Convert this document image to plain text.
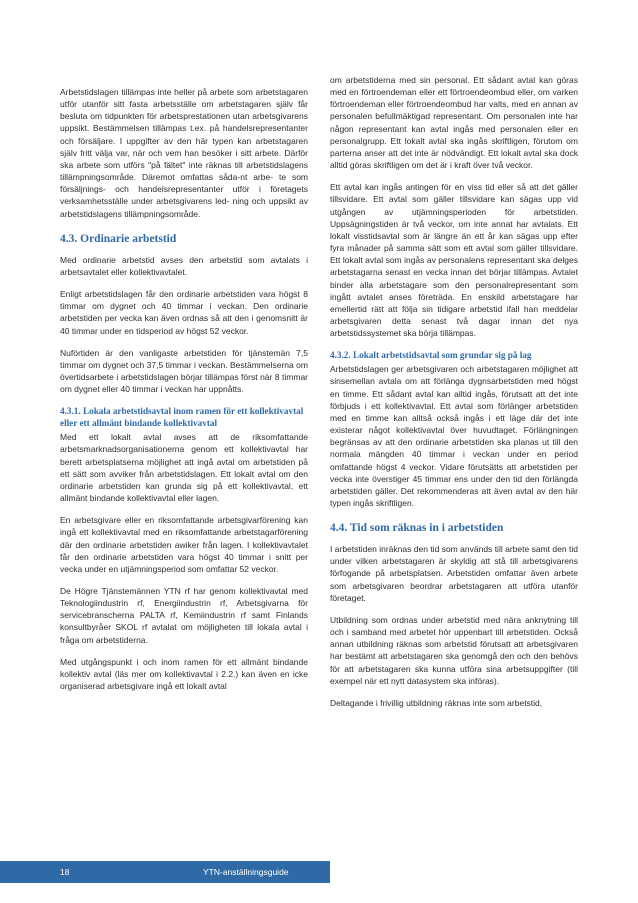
Arbetstidslagen tillämpas inte heller på arbete som arbetstagaren utför utanför sitt fasta arbetsställe om arbetstagaren själv får besluta om tidpunkten för arbetsprestationen utan arbetsgivarens uppsikt. Bestämmelsen tillämpas t.ex. på handelsrepresentanter och försäljare. I uppgifter av den här typen kan arbetstagaren själv fritt välja var, när och vem han besöker i sitt arbete. Därför ska arbete som utförs "på fältet" inte räknas till arbetstidslagens tillämpningsområde. Däremot omfattas såda-nt arbe- te som försäljnings- och handelsrepresentanter utför i företagets verksamhetsställe under arbetsgivarens led- ning och uppsikt av arbetstidslagens tillämpningsområde.

4.3. Ordinarie arbetstid

Med ordinarie arbetstid avses den arbetstid som avtalats i arbetsavtalet eller kollektivavtalet.

Enligt arbetstidslagen får den ordinarie arbetstiden vara högst 8 timmar om dygnet och 40 timmar i veckan. Den ordinarie arbetstiden per vecka kan även ordnas så att den i genomsnitt är 40 timmar under en tidsperiod av högst 52 veckor.

Nuförtiden är den vanligaste arbetstiden för tjänstemän 7,5 timmar om dygnet och 37,5 timmar i veckan. Bestämmelserna om övertidsarbete i arbetstidslagen börjar tillämpas först när 8 timmar om dygnet eller 40 timmar i veckan har uppnåtts.

4.3.1. Lokala arbetstidsavtal inom ramen för ett kollektivavtal eller ett allmänt bindande kollektivavtal

Med ett lokalt avtal avses att de riksomfattande arbetsmarknadsorganisationerna genom ett kollektivavtal har berett arbetsplatserna möjlighet att ingå avtal om arbetstiden på ett sätt som avviker från arbetstidslagen. Ett lokalt avtal om den ordinarie arbetstiden kan grunda sig på ett kollektivavtal, ett allmänt bindande kollektivavtal eller lagen.

En arbetsgivare eller en riksomfattande arbetsgivarförening kan ingå ett kollektivavtal med en riksomfattande arbetstagarförening där den ordinarie arbetstiden awiker från lagen. I kollektivavtalet får den ordinarie arbetstiden vara högst 40 timmar i snitt per vecka under en utjämningsperiod som omfattar 52 veckor.

De Högre Tjänstemännen YTN rf har genom kollektivavtal med Teknologiindustrin rf, Energiindustrin rf, Arbetsgivarna för servicebranscherna PALTA rf, Kemiindustrin rf samt Finlands konsultbyråer SKOL rf avtalat om möjligheten till lokala avtal i fråga om arbetstiderna.

Med utgångspunkt i och inom ramen för ett allmänt bindande kollektiv avtal (läs mer om kollektivavtal i 2.2.) kan även en icke organiserad arbetsgivare ingå ett lokalt avtal

om arbetstiderna med sin personal. Ett sådant avtal kan göras med en förtroendeman eller ett förtroendeombud eller, om varken förtroendeman eller förtroendeombud har valts, med en annan av personalen befullmäktigad representant. Om personalen inte har någon representant kan avtal ingås med personalen eller en personalgrupp. Ett lokalt avtal ska ingås skriftligen, förutom om parterna anser att det inte är nödvändigt. Ett lokalt avtal ska dock alltid göras skriftligen om det är i kraft över två veckor.

Ett avtal kan ingås antingen för en viss tid eller så att det gäller tillsvidare. Ett avtal som gäller tillsvidare kan sägas upp vid utgången av utjämningsperioden för arbetstiden. Uppsägningstiden är två veckor, om inte annat har avtalats. Ett lokalt visstidsavtal som är längre än ett år kan sägas upp efter fyra månader på samma sätt som ett avtal som gäller tillsvidare. Ett lokalt avtal som ingås av personalens representant ska delges arbetstagarna senast en vecka innan det börjar tillämpas. Avtalet binder alla arbetstagare som den personalrepresentant som ingått avtalet anses företräda. En enskild arbetstagare har emellertid rätt att följa sin tidigare arbetstid ifall han meddelar arbetsgivaren detta senast två dagar innan det nya arbetstidssystemet ska börja tillämpas.

4.3.2. Lokalt arbetstidsavtal som grundar sig på lag

Arbetstidslagen ger arbetsgivaren och arbetstagaren möjlighet att sinsemellan avtala om att förlänga dygnsarbetstiden med högst en timme. Ett sådant avtal kan alltid ingås, förutsatt att det inte förbjuds i ett kollektivavtal. Ett avtal som förlänger arbetstiden med en timme kan alltså också ingås i ett läge där det inte existerar något kollektivavtal över huvudtaget. Förlängningen begränsas av att den ordinarie arbetstiden ska planas ut till den normala mängden 40 timmar i veckan under en period omfattande högst 4 veckor. Vidare förutsätts att arbetstiden per vecka inte överstiger 45 timmar ens under den tid den förlängda arbetstiden gäller. Det rekommenderas att även avtal av den här typen ingås skriftligen.

4.4. Tid som räknas in i arbetstiden

I arbetstiden inräknas den tid som används till arbete samt den tid under vilken arbetstagaren är skyldig att stå till arbetsgivarens förfogande på arbetsplatsen. Arbetstiden omfattar även arbete som arbetsgivaren beordrar arbetstagaren att utföra utanför företaget.

Utbildning som ordnas under arbetstid med nära anknytning till och i samband med arbetet hör uppenbart till arbetstiden. Också annan utbildning räknas som arbetstid förutsatt att arbetsgivaren har bestämt att arbetstagaren ska genomgå den och den behövs för att arbetstagaren ska kunna utföra sina arbetsuppgifter (till exempel när ett nytt datasystem ska införas).

Deltagande i frivillig utbildning räknas inte som arbetstid,

18	YTN-anställningsguide
